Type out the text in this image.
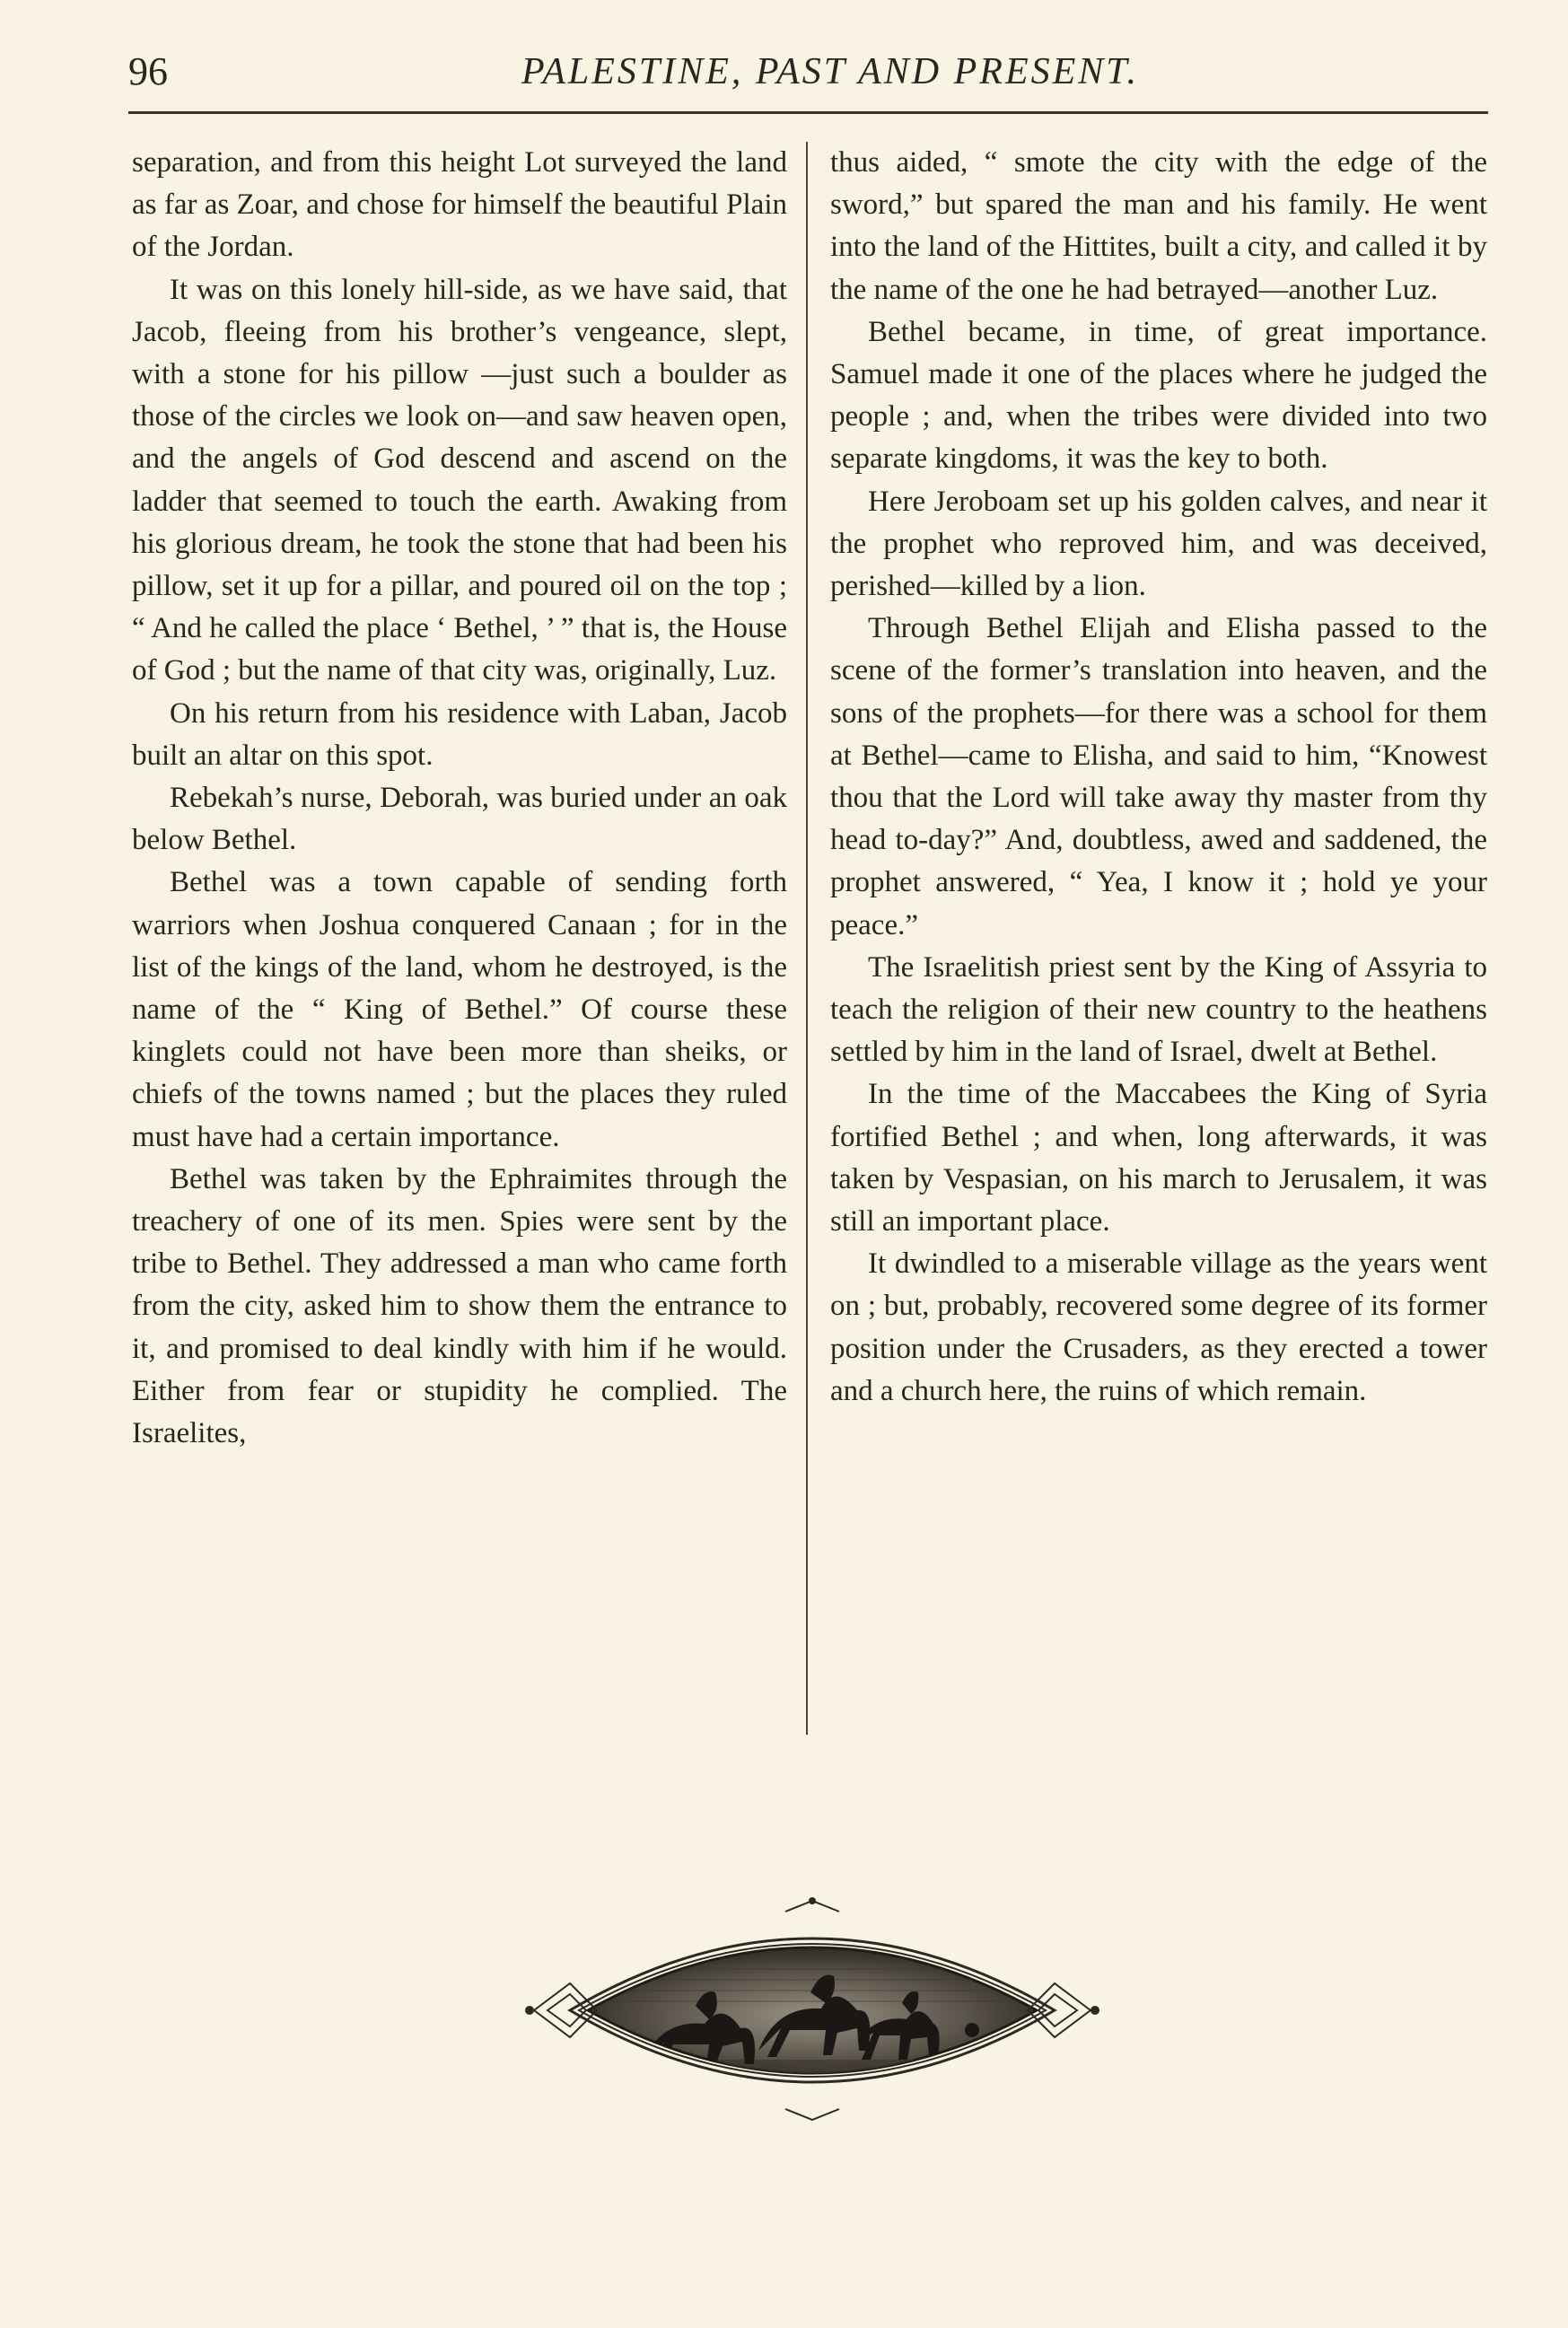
96	PALESTINE, PAST AND PRESENT.

separation, and from this height Lot surveyed the land as far as Zoar, and chose for himself the beautiful Plain of the Jordan.

It was on this lonely hill-side, as we have said, that Jacob, fleeing from his brother’s vengeance, slept, with a stone for his pillow —just such a boulder as those of the circles we look on—and saw heaven open, and the angels of God descend and ascend on the ladder that seemed to touch the earth. Awaking from his glorious dream, he took the stone that had been his pillow, set it up for a pillar, and poured oil on the top ; “ And he called the place ‘ Bethel, ’ ” that is, the House of God ; but the name of that city was, originally, Luz.

On his return from his residence with Laban, Jacob built an altar on this spot.

Rebekah’s nurse, Deborah, was buried under an oak below Bethel.

Bethel was a town capable of sending forth warriors when Joshua conquered Canaan ; for in the list of the kings of the land, whom he destroyed, is the name of the “ King of Bethel.” Of course these kinglets could not have been more than sheiks, or chiefs of the towns named ; but the places they ruled must have had a certain importance.

Bethel was taken by the Ephraimites through the treachery of one of its men. Spies were sent by the tribe to Bethel. They addressed a man who came forth from the city, asked him to show them the entrance to it, and promised to deal kindly with him if he would. Either from fear or stupidity he complied. The Israelites,

thus aided, “ smote the city with the edge of the sword,” but spared the man and his family. He went into the land of the Hittites, built a city, and called it by the name of the one he had betrayed—another Luz.

Bethel became, in time, of great importance. Samuel made it one of the places where he judged the people ; and, when the tribes were divided into two separate kingdoms, it was the key to both.

Here Jeroboam set up his golden calves, and near it the prophet who reproved him, and was deceived, perished—killed by a lion.

Through Bethel Elijah and Elisha passed to the scene of the former’s translation into heaven, and the sons of the prophets—for there was a school for them at Bethel—came to Elisha, and said to him, “Knowest thou that the Lord will take away thy master from thy head to-day?” And, doubtless, awed and saddened, the prophet answered, “ Yea, I know it ; hold ye your peace.”

The Israelitish priest sent by the King of Assyria to teach the religion of their new country to the heathens settled by him in the land of Israel, dwelt at Bethel.

In the time of the Maccabees the King of Syria fortified Bethel ; and when, long afterwards, it was taken by Vespasian, on his march to Jerusalem, it was still an important place.

It dwindled to a miserable village as the years went on ; but, probably, recovered some degree of its former position under the Crusaders, as they erected a tower and a church here, the ruins of which remain.
